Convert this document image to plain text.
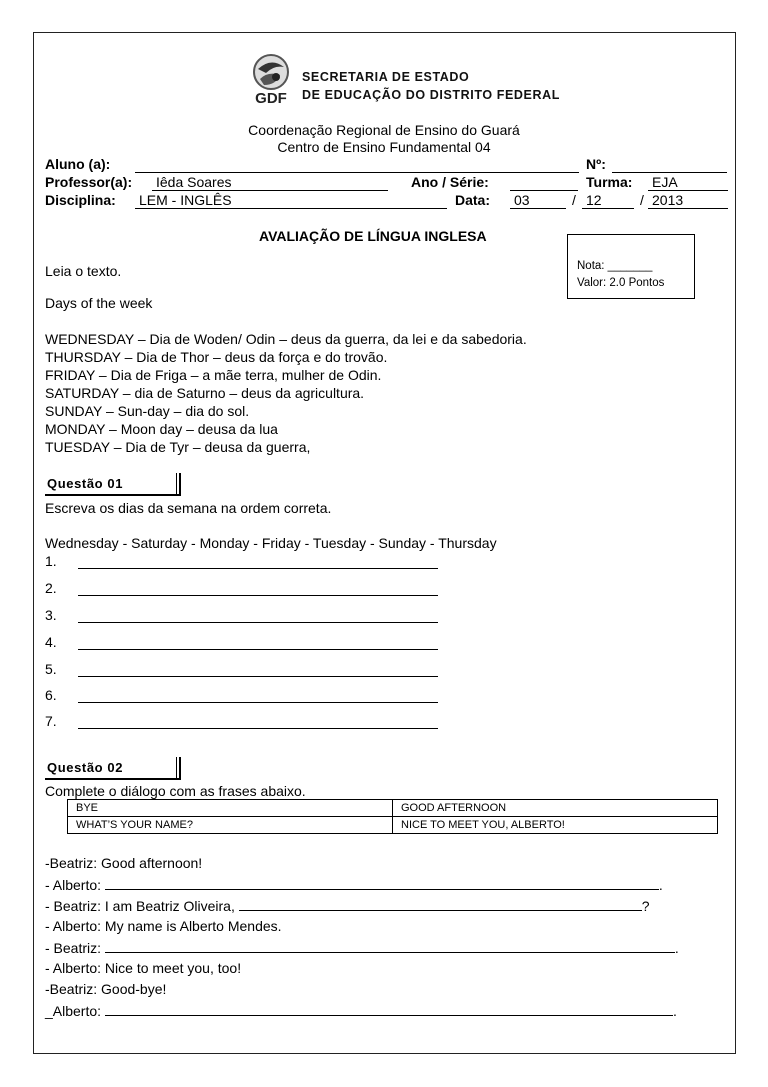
GDF
SECRETARIA DE ESTADO
DE EDUCAÇÃO DO DISTRITO FEDERAL
Coordenação Regional de Ensino do Guará
Centro de Ensino Fundamental 04
Aluno (a):	Nº:
Professor(a): Iêda Soares	Ano / Série:	Turma: EJA
Disciplina: LEM - INGLÊS	Data: 03	/ 12	/ 2013
AVALIAÇÃO DE LÍNGUA INGLESA
Nota: _______
Valor: 2.0 Pontos
Leia o texto.
Days of the week
WEDNESDAY – Dia de Woden/ Odin – deus da guerra, da lei e da sabedoria.
THURSDAY – Dia de Thor – deus da força e do trovão.
FRIDAY – Dia de Friga – a mãe terra, mulher de Odin.
SATURDAY – dia de Saturno – deus da agricultura.
SUNDAY – Sun-day – dia do sol.
MONDAY – Moon day – deusa da lua
TUESDAY – Dia de Tyr – deusa da guerra,
Questão 01
Escreva os dias da semana na ordem correta.
Wednesday - Saturday - Monday - Friday - Tuesday - Sunday - Thursday
1.
2.
3.
4.
5.
6.
7.
Questão 02
Complete o diálogo com as frases abaixo.
BYE	GOOD AFTERNOON
WHAT’S YOUR NAME?	NICE TO MEET YOU, ALBERTO!
-Beatriz: Good afternoon!
- Alberto:	.
- Beatriz: I am Beatriz Oliveira,	?
- Alberto: My name is Alberto Mendes.
- Beatriz:	.
- Alberto: Nice to meet you, too!
-Beatriz: Good-bye!
_Alberto:	.
